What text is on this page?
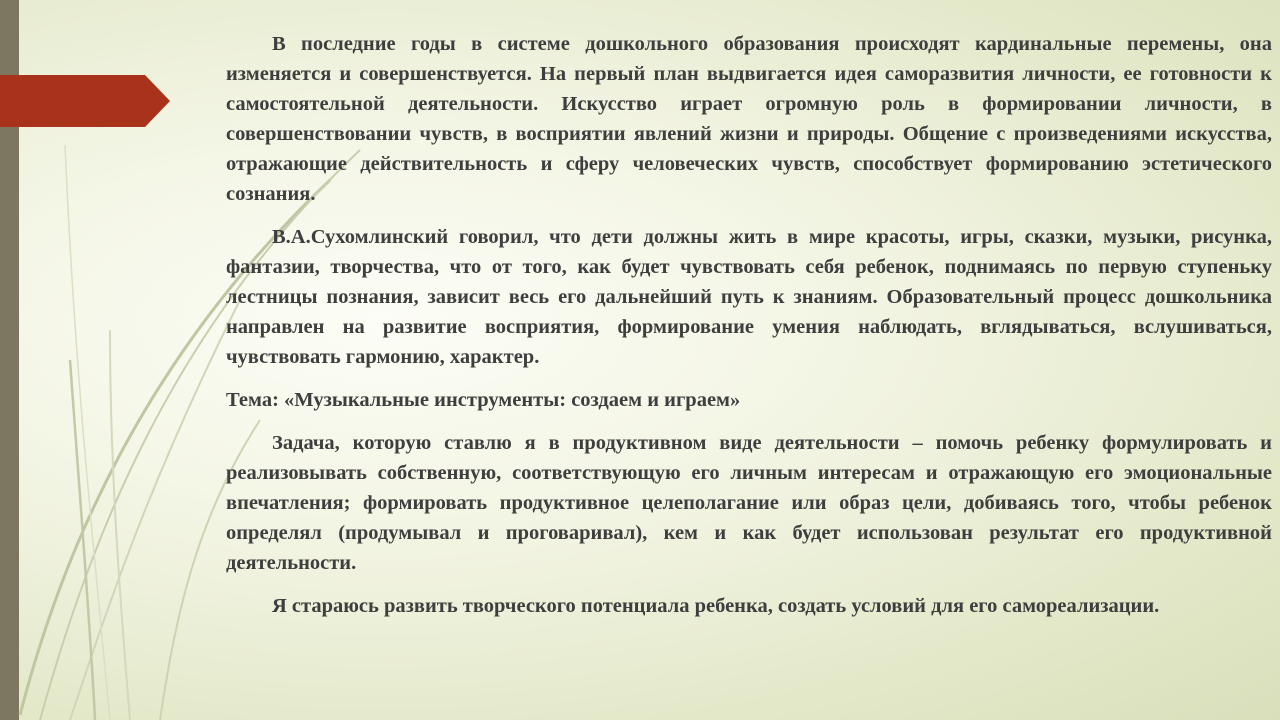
В последние годы в системе дошкольного образования происходят кардинальные перемены, она изменяется и совершенствуется. На первый план выдвигается идея саморазвития личности, ее готовности к самостоятельной деятельности. Искусство играет огромную роль в формировании личности, в совершенствовании чувств, в восприятии явлений жизни и природы. Общение с произведениями искусства, отражающие действительность и сферу человеческих чувств, способствует формированию эстетического сознания.

В.А.Сухомлинский говорил, что дети должны жить в мире красоты, игры, сказки, музыки, рисунка, фантазии, творчества, что от того, как будет чувствовать себя ребенок, поднимаясь по первую ступеньку лестницы познания, зависит весь его дальнейший путь к знаниям. Образовательный процесс дошкольника направлен на развитие восприятия, формирование умения наблюдать, вглядываться, вслушиваться, чувствовать гармонию, характер.

Тема: «Музыкальные инструменты: создаем и играем»

Задача, которую ставлю я в продуктивном виде деятельности – помочь ребенку формулировать и реализовывать собственную, соответствующую его личным интересам и отражающую его эмоциональные впечатления; формировать продуктивное целеполагание или образ цели, добиваясь того, чтобы ребенок определял (продумывал и проговаривал), кем и как будет использован результат его продуктивной деятельности.

Я стараюсь развить творческого потенциала ребенка, создать условий для его самореализации.
